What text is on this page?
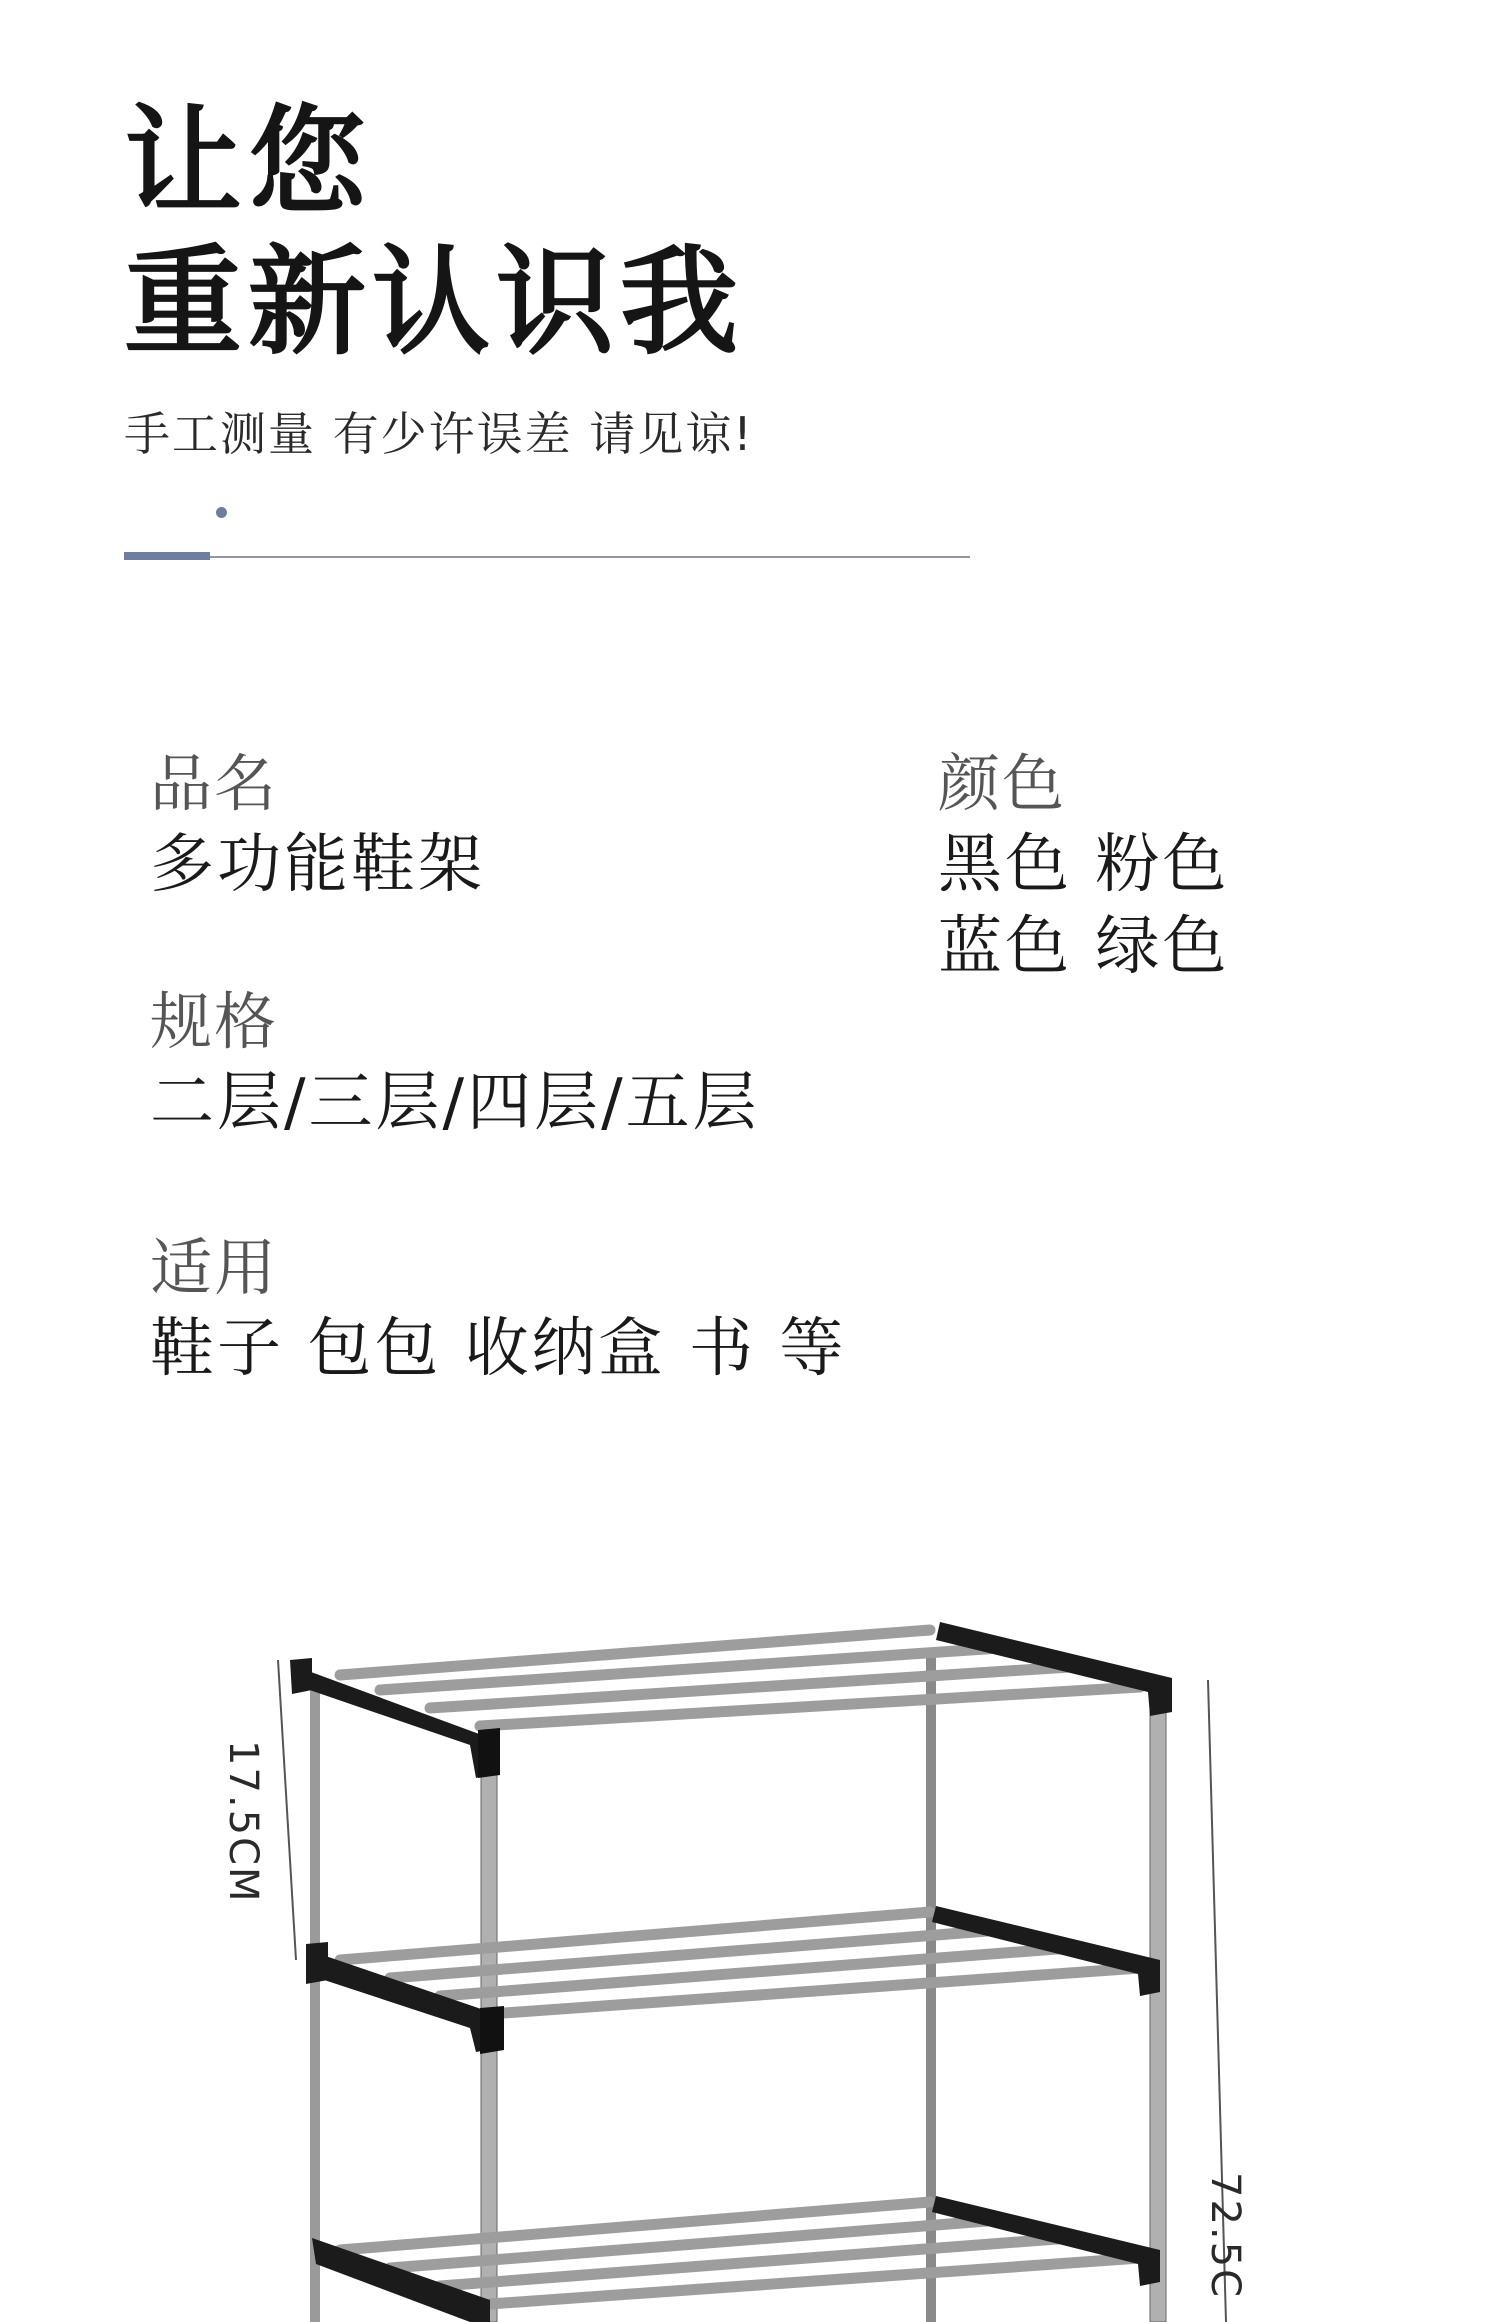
让您
重新认识我
手工测量 有少许误差 请见谅!
品名
多功能鞋架
颜色
黑色 粉色
蓝色 绿色
规格
二层/三层/四层/五层
适用
鞋子 包包 收纳盒 书 等
17.5CM
72.5C
